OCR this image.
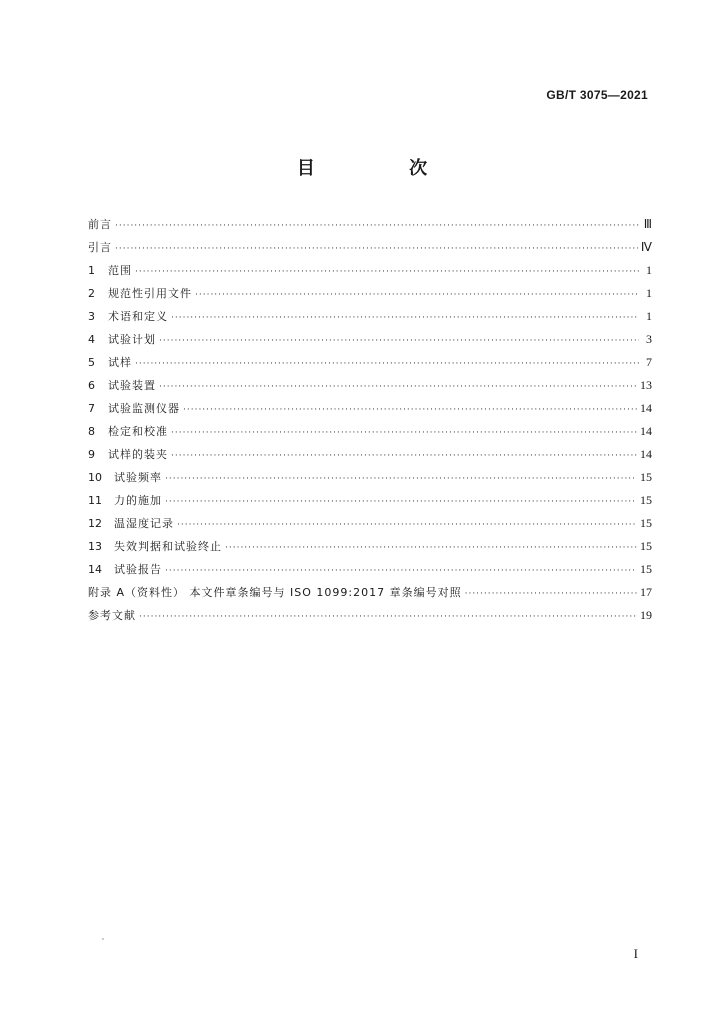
GB/T 3075—2021
目 次
前言 ·····	Ⅲ
引言 ·····	Ⅳ
1	范围 ·····	1
2	规范性引用文件 ·····	1
3	术语和定义 ·····	1
4	试验计划 ·····	3
5	试样 ·····	7
6	试验装置 ·····	13
7	试验监测仪器 ·····	14
8	检定和校准 ·····	14
9	试样的装夹 ·····	14
10	试验频率 ·····	15
11	力的施加 ·····	15
12	温湿度记录 ·····	15
13	失效判据和试验终止 ·····	15
14	试验报告 ·····	15
附录 A（资料性） 本文件章条编号与 ISO 1099:2017 章条编号对照 ·····	17
参考文献 ·····	19
I
